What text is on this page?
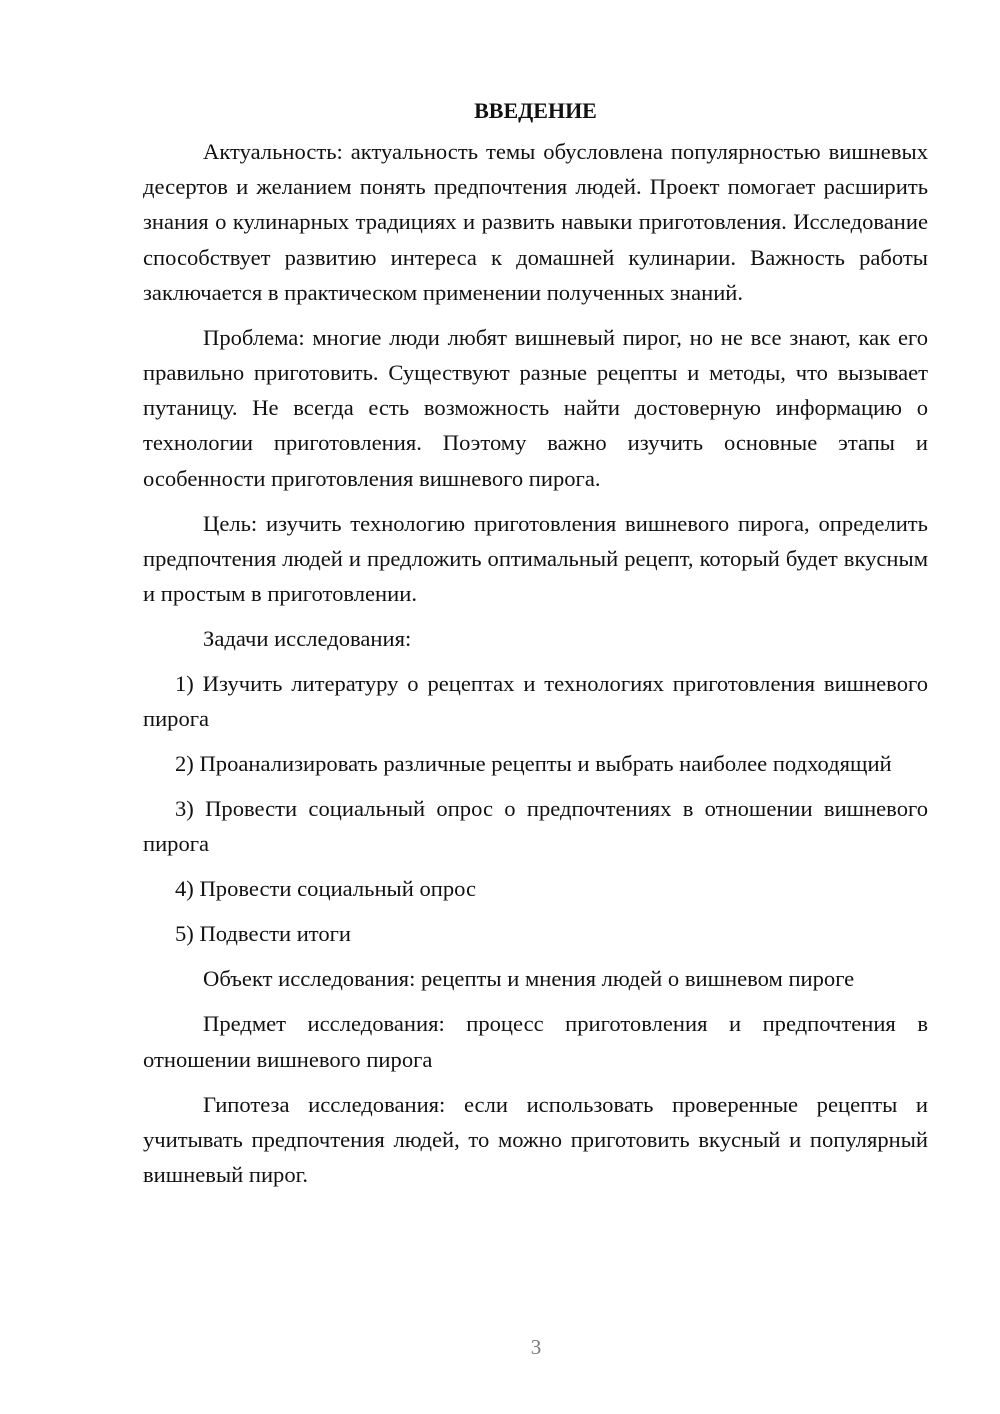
ВВЕДЕНИЕ

Актуальность: актуальность темы обусловлена популярностью вишневых десертов и желанием понять предпочтения людей. Проект помогает расширить знания о кулинарных традициях и развить навыки приготовления. Исследование способствует развитию интереса к домашней кулинарии. Важность работы заключается в практическом применении полученных знаний.

Проблема: многие люди любят вишневый пирог, но не все знают, как его правильно приготовить. Существуют разные рецепты и методы, что вызывает путаницу. Не всегда есть возможность найти достоверную информацию о технологии приготовления. Поэтому важно изучить основные этапы и особенности приготовления вишневого пирога.

Цель: изучить технологию приготовления вишневого пирога, определить предпочтения людей и предложить оптимальный рецепт, который будет вкусным и простым в приготовлении.

Задачи исследования:

1) Изучить литературу о рецептах и технологиях приготовления вишневого пирога

2) Проанализировать различные рецепты и выбрать наиболее подходящий

3) Провести социальный опрос о предпочтениях в отношении вишневого пирога

4) Провести социальный опрос

5) Подвести итоги

Объект исследования: рецепты и мнения людей о вишневом пироге

Предмет исследования: процесс приготовления и предпочтения в отношении вишневого пирога

Гипотеза исследования: если использовать проверенные рецепты и учитывать предпочтения людей, то можно приготовить вкусный и популярный вишневый пирог.

3
